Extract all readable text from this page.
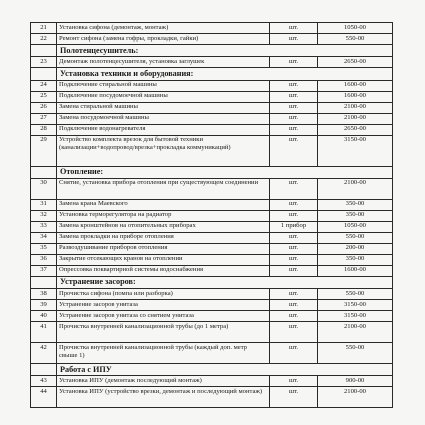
21	Установка сифона (демонтаж, монтаж)	шт.	1050-00
22	Ремонт сифона (замена гофры, прокладки, гайки)	шт.	550-00
	Полотенцесушитель:		
23	Демонтаж полотенцесушителя, установка заглушек	шт.	2650-00
	Установка техники и оборудования:		
24	Подключение стиральной машины	шт.	1600-00
25	Подключение посудомоечной машины	шт.	1600-00
26	Замена стиральной машины	шт.	2100-00
27	Замена посудомоечной машины	шт.	2100-00
28	Подключение водонагревателя	шт.	2650-00
29	Устройство комплекта врезок для бытовой техники (канализации+водопровод/врезка+прокладка коммуникаций)	шт.	3150-00
	Отопление:		
30	Снятие, установка прибора отопления при существующем соединении	шт.	2100-00
31	Замена крана Маевского	шт.	350-00
32	Установка терморегулятора на радиатор	шт.	350-00
33	Замена кронштейнов на отопительных приборах	1 прибор	1050-00
34	Замена прокладки на приборе отопления	шт.	550-00
35	Развоздушивание приборов отопления	шт.	200-00
36	Закрытие отсекающих кранов на отоплении	шт.	350-00
37	Опрессовка поквартирной системы водоснабжения	шт.	1600-00
	Устранение засоров:		
38	Прочистка сифона (помпа или разборка)	шт.	550-00
39	Устранение засоров унитаза	шт.	3150-00
40	Устранение засоров унитаза со снятием унитаза	шт.	3150-00
41	Прочистка внутренней канализационной трубы (до 1 метра)	шт.	2100-00
42	Прочистка внутренней канализационной трубы (каждый доп. метр свыше 1)	шт.	550-00
	Работа с ИПУ		
43	Установка ИПУ (демонтаж последующий монтаж)	шт.	900-00
44	Установка ИПУ (устройство врезки, демонтаж и последующий монтаж)	шт.	2100-00
